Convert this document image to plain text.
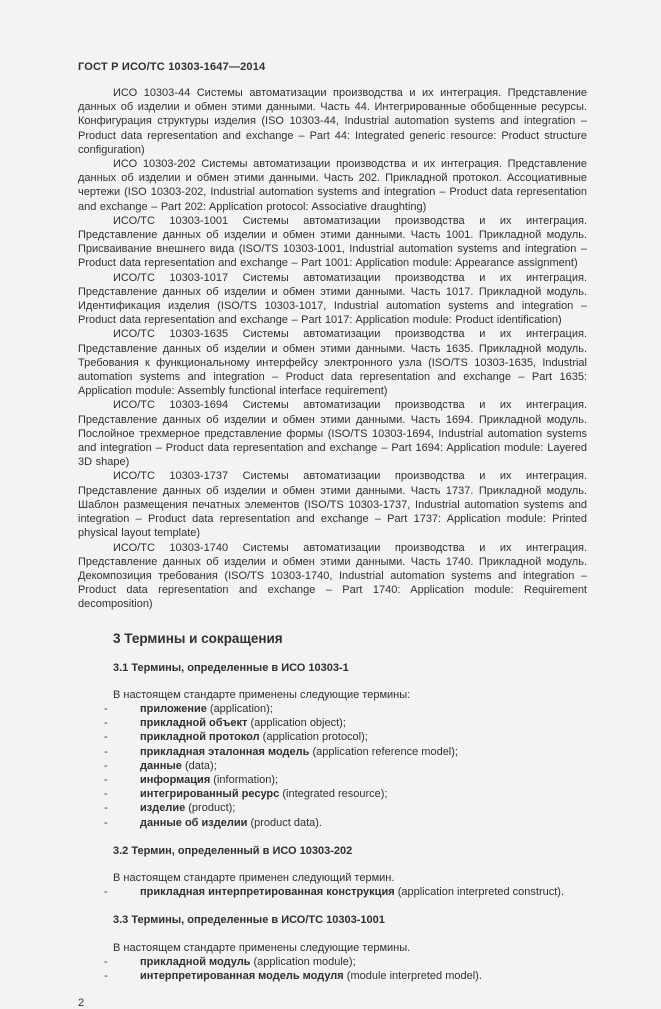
ГОСТ Р ИСО/ТС 10303-1647—2014

ИСО 10303-44 Системы автоматизации производства и их интеграция. Представление данных об изделии и обмен этими данными. Часть 44. Интегрированные обобщенные ресурсы. Конфигурация структуры изделия (ISO 10303-44, Industrial automation systems and integration – Product data representation and exchange – Part 44: Integrated generic resource: Product structure configuration)

ИСО 10303-202 Системы автоматизации производства и их интеграция. Представление данных об изделии и обмен этими данными. Часть 202. Прикладной протокол. Ассоциативные чертежи (ISO 10303-202, Industrial automation systems and integration – Product data representation and exchange – Part 202: Application protocol: Associative draughting)

ИСО/ТС 10303-1001 Системы автоматизации производства и их интеграция. Представление данных об изделии и обмен этими данными. Часть 1001. Прикладной модуль. Присваивание внешнего вида (ISO/TS 10303-1001, Industrial automation systems and integration – Product data representation and exchange – Part 1001: Application module: Appearance assignment)

ИСО/ТС 10303-1017 Системы автоматизации производства и их интеграция. Представление данных об изделии и обмен этими данными. Часть 1017. Прикладной модуль. Идентификация изделия (ISO/TS 10303-1017, Industrial automation systems and integration – Product data representation and exchange – Part 1017: Application module: Product identification)

ИСО/ТС 10303-1635 Системы автоматизации производства и их интеграция. Представление данных об изделии и обмен этими данными. Часть 1635. Прикладной модуль. Требования к функциональному интерфейсу электронного узла (ISO/TS 10303-1635, Industrial automation systems and integration – Product data representation and exchange – Part 1635: Application module: Assembly functional interface requirement)

ИСО/ТС 10303-1694 Системы автоматизации производства и их интеграция. Представление данных об изделии и обмен этими данными. Часть 1694. Прикладной модуль. Послойное трехмерное представление формы (ISO/TS 10303-1694, Industrial automation systems and integration – Product data representation and exchange – Part 1694: Application module: Layered 3D shape)

ИСО/ТС 10303-1737 Системы автоматизации производства и их интеграция. Представление данных об изделии и обмен этими данными. Часть 1737. Прикладной модуль. Шаблон размещения печатных элементов (ISO/TS 10303-1737, Industrial automation systems and integration – Product data representation and exchange – Part 1737: Application module: Printed physical layout template)

ИСО/ТС 10303-1740 Системы автоматизации производства и их интеграция. Представление данных об изделии и обмен этими данными. Часть 1740. Прикладной модуль. Декомпозиция требования (ISO/TS 10303-1740, Industrial automation systems and integration – Product data representation and exchange – Part 1740: Application module: Requirement decomposition)

3 Термины и сокращения
3.1 Термины, определенные в ИСО 10303-1

В настоящем стандарте применены следующие термины:

-	приложение (application);
-	прикладной объект (application object);
-	прикладной протокол (application protocol);
-	прикладная эталонная модель (application reference model);
-	данные (data);
-	информация (information);
-	интегрированный ресурс (integrated resource);
-	изделие (product);
-	данные об изделии (product data).
3.2 Термин, определенный в ИСО 10303-202

В настоящем стандарте применен следующий термин.

-	прикладная интерпретированная конструкция (application interpreted construct).
3.3 Термины, определенные в ИСО/ТС 10303-1001

В настоящем стандарте применены следующие термины.

-	прикладной модуль (application module);
-	интерпретированная модель модуля (module interpreted model).
2
